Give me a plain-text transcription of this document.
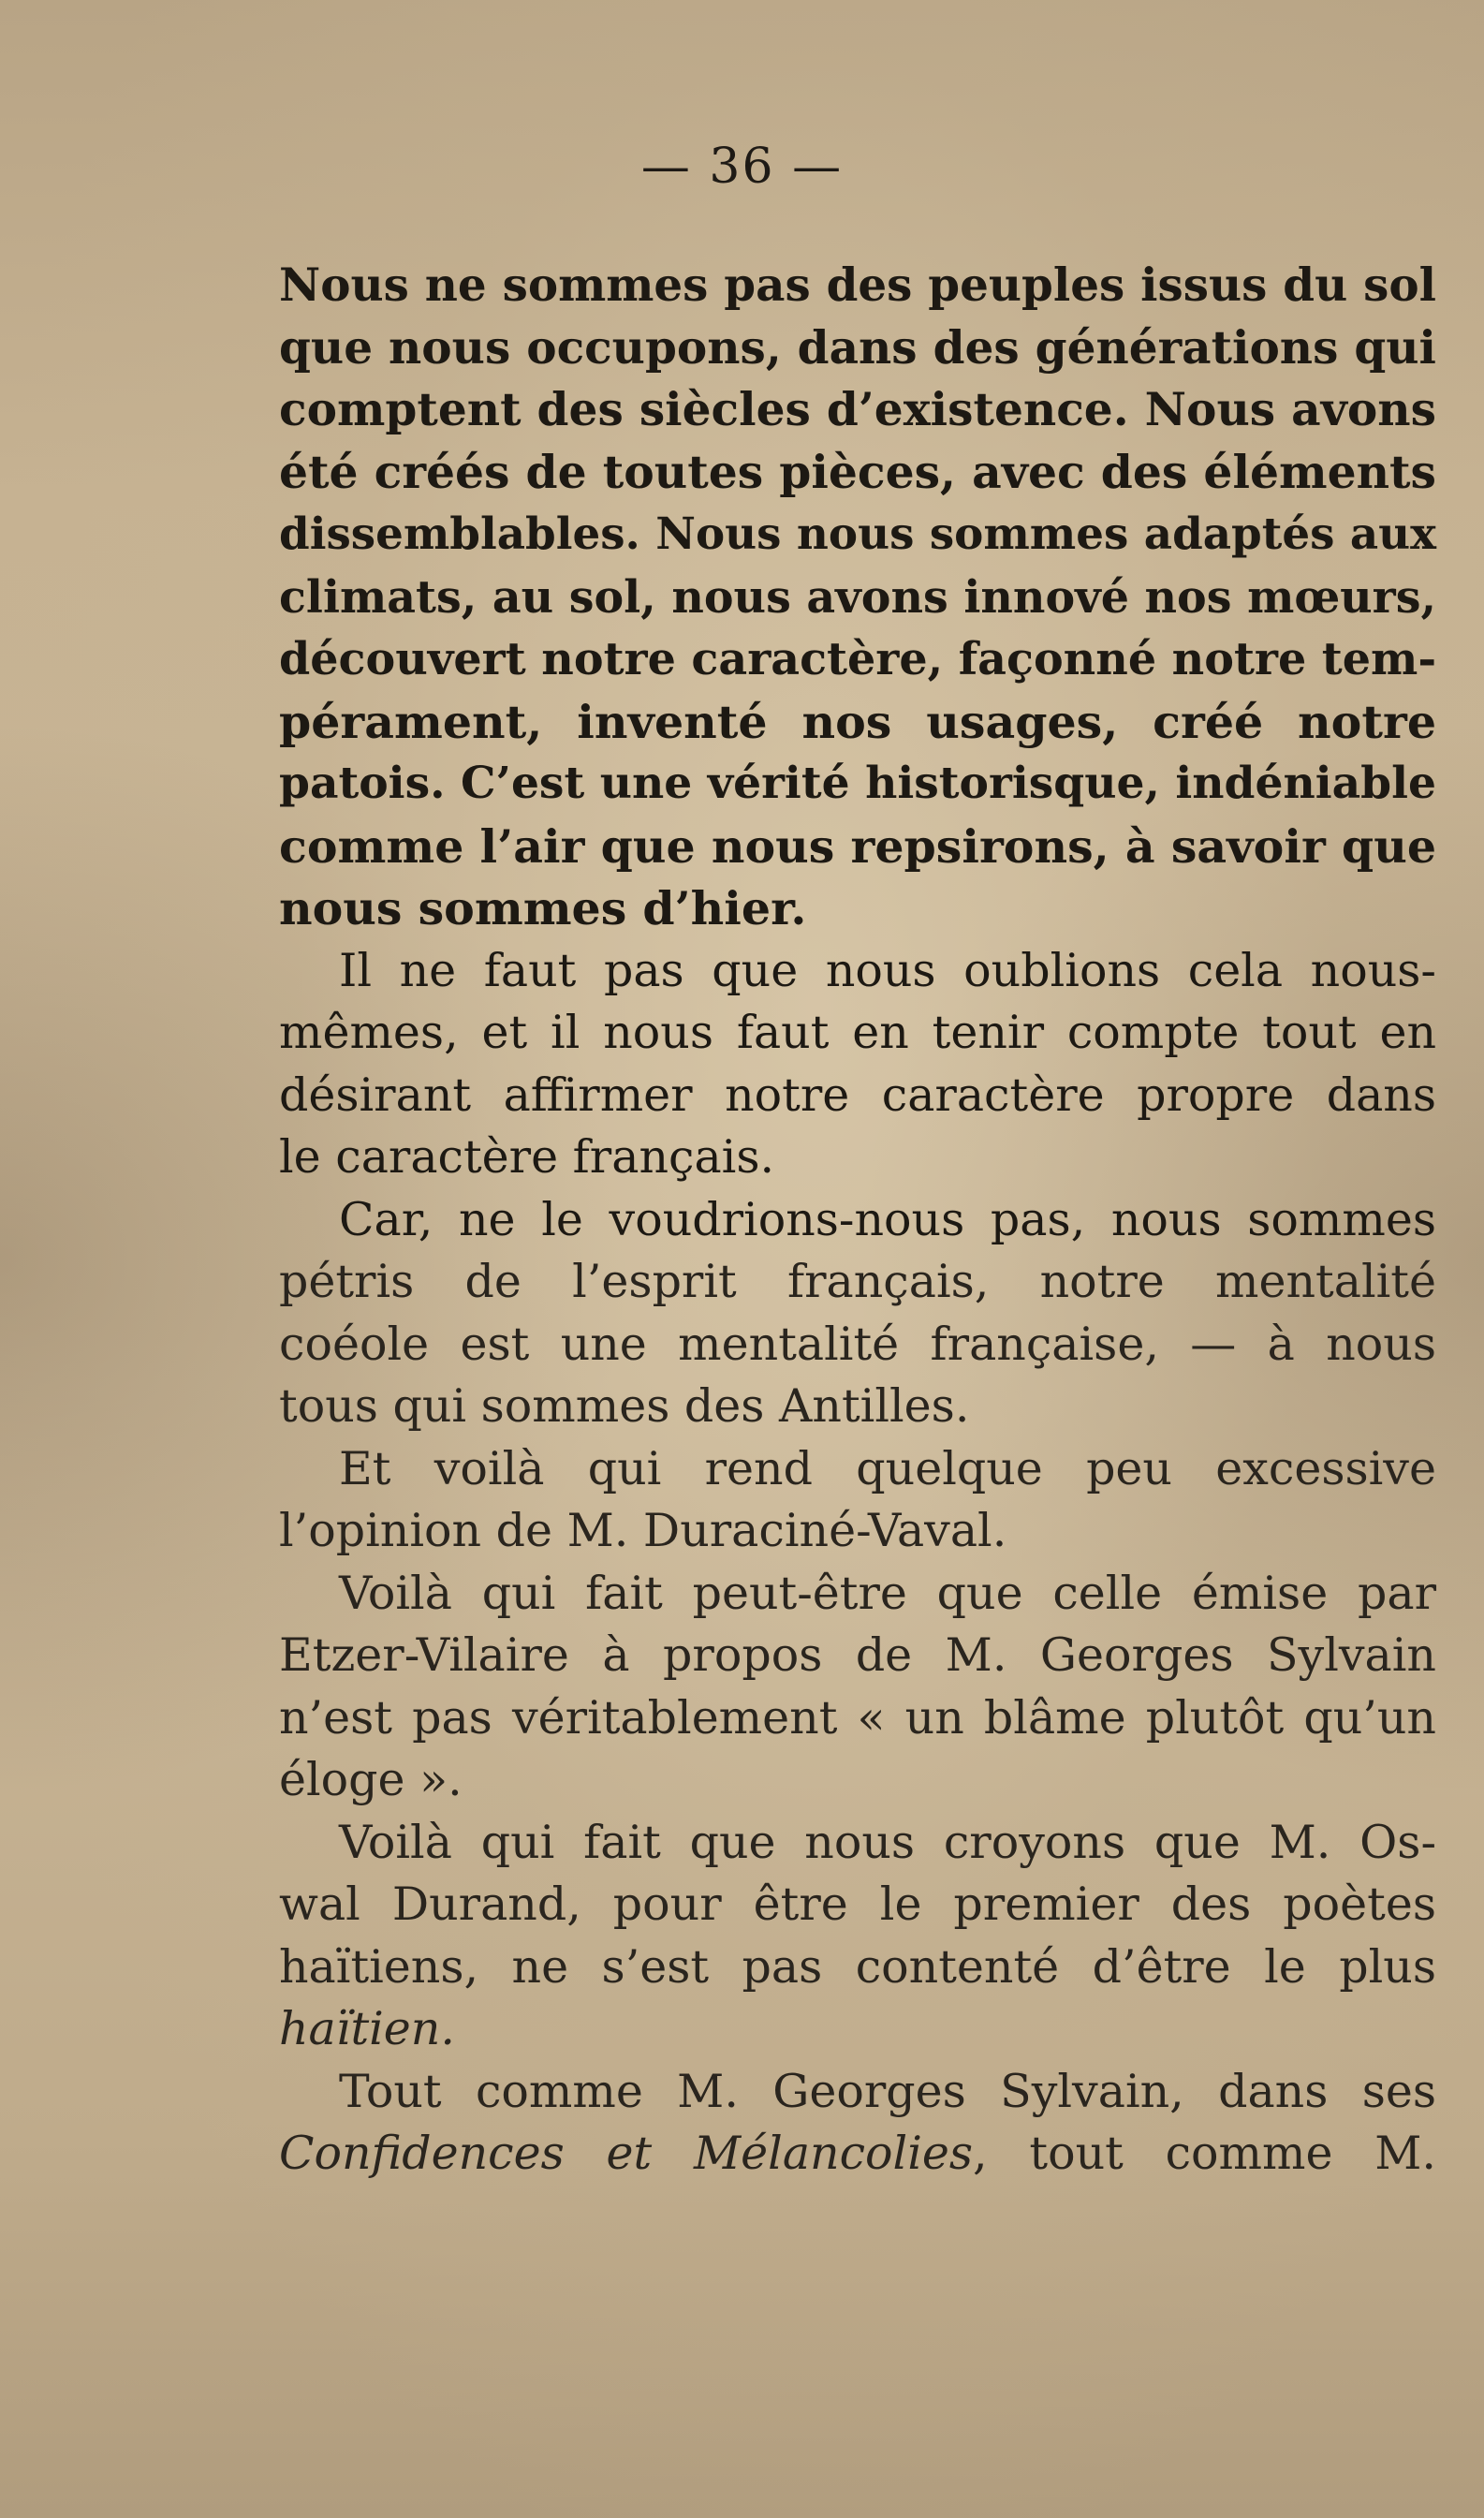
— 36 —
Nous ne sommes pas des peuples issus du sol
que nous occupons, dans des générations qui
comptent des siècles d’existence. Nous avons
été créés de toutes pièces, avec des éléments
dissemblables. Nous nous sommes adaptés aux
climats, au sol, nous avons innové nos mœurs,
découvert notre caractère, façonné notre tem-
pérament, inventé nos usages, créé notre
patois. C’est une vérité historisque, indéniable
comme l’air que nous repsirons, à savoir que
nous sommes d’hier.
Il ne faut pas que nous oublions cela nous-
mêmes, et il nous faut en tenir compte tout en
désirant affirmer notre caractère propre dans
le caractère français.
Car, ne le voudrions-nous pas, nous sommes
pétris de l’esprit français, notre mentalité
coéole est une mentalité française, — à nous
tous qui sommes des Antilles.
Et voilà qui rend quelque peu excessive
l’opinion de M. Duraciné-Vaval.
Voilà qui fait peut-être que celle émise par
Etzer-Vilaire à propos de M. Georges Sylvain
n’est pas véritablement « un blâme plutôt qu’un
éloge ».
Voilà qui fait que nous croyons que M. Os-
wal Durand, pour être le premier des poètes
haïtiens, ne s’est pas contenté d’être le plus
haïtien.
Tout comme M. Georges Sylvain, dans ses
Confidences et Mélancolies, tout comme M.
